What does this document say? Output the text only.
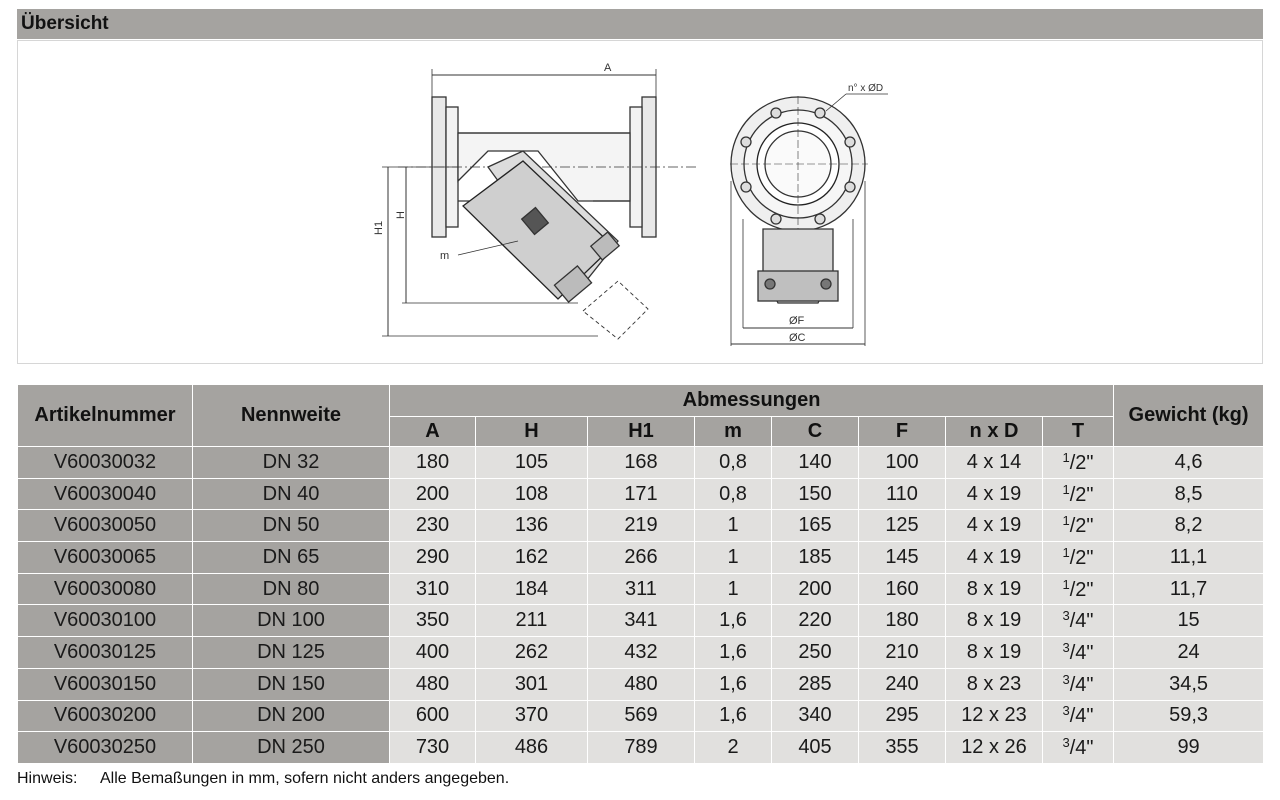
Übersicht
A
H1
H
m
n° x ØD
ØF
ØC
Artikelnummer	Nennweite	Abmessungen								Gewicht (kg)
		A	H	H1	m	C	F	n x D	T	
V60030032	DN 32	180	105	168	0,8	140	100	4 x 14	$^1$/2"	4,6
V60030040	DN 40	200	108	171	0,8	150	110	4 x 19	$^1$/2"	8,5
V60030050	DN 50	230	136	219	1	165	125	4 x 19	$^1$/2"	8,2
V60030065	DN 65	290	162	266	1	185	145	4 x 19	$^1$/2"	11,1
V60030080	DN 80	310	184	311	1	200	160	8 x 19	$^1$/2"	11,7
V60030100	DN 100	350	211	341	1,6	220	180	8 x 19	$^3$/4"	15
V60030125	DN 125	400	262	432	1,6	250	210	8 x 19	$^3$/4"	24
V60030150	DN 150	480	301	480	1,6	285	240	8 x 23	$^3$/4"	34,5
V60030200	DN 200	600	370	569	1,6	340	295	12 x 23	$^3$/4"	59,3
V60030250	DN 250	730	486	789	2	405	355	12 x 26	$^3$/4"	99
Hinweis: Alle Bemaßungen in mm, sofern nicht anders angegeben.
